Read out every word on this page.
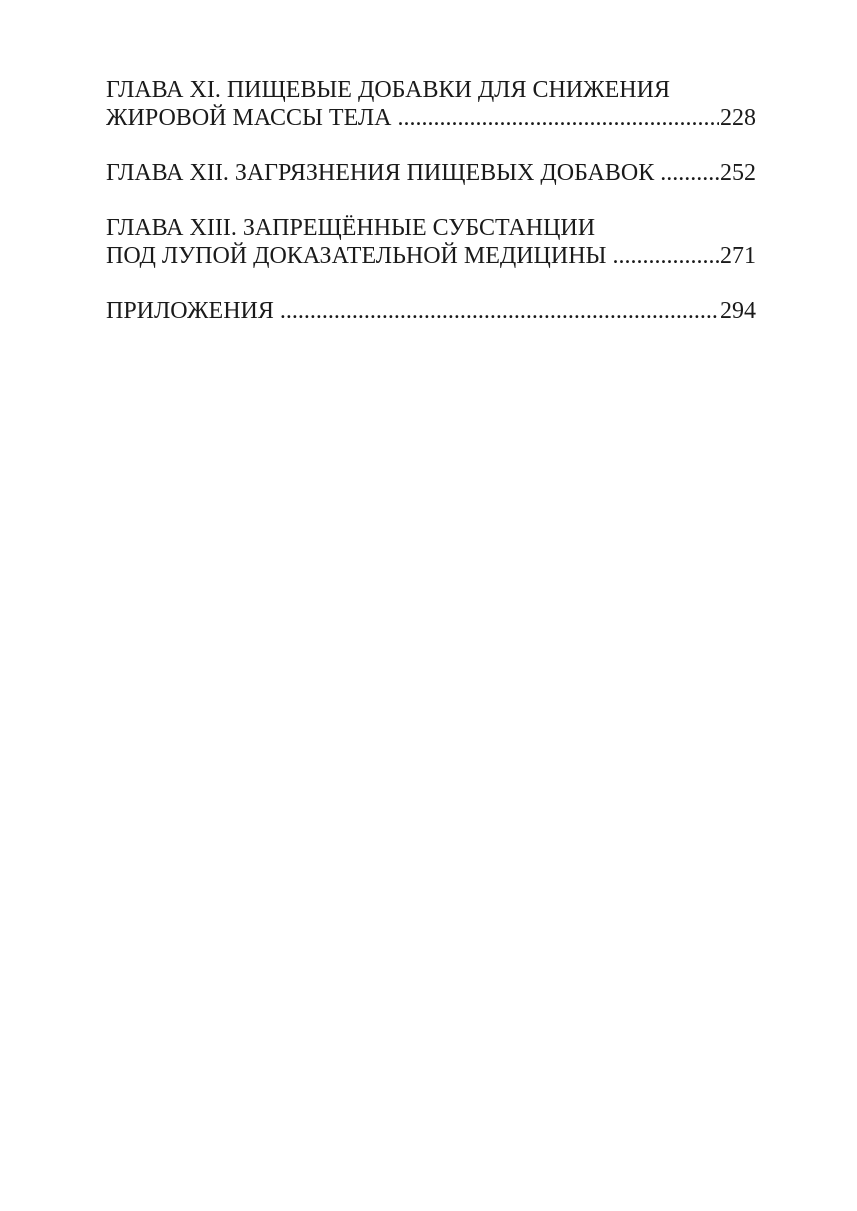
ГЛАВА XI. ПИЩЕВЫЕ ДОБАВКИ ДЛЯ СНИЖЕНИЯ
ЖИРОВОЙ МАССЫ ТЕЛА .....	228
ГЛАВА XII. ЗАГРЯЗНЕНИЯ ПИЩЕВЫХ ДОБАВОК .....	252
ГЛАВА XIII. ЗАПРЕЩЁННЫЕ СУБСТАНЦИИ
ПОД ЛУПОЙ ДОКАЗАТЕЛЬНОЙ МЕДИЦИНЫ .....	271
ПРИЛОЖЕНИЯ .....	294
